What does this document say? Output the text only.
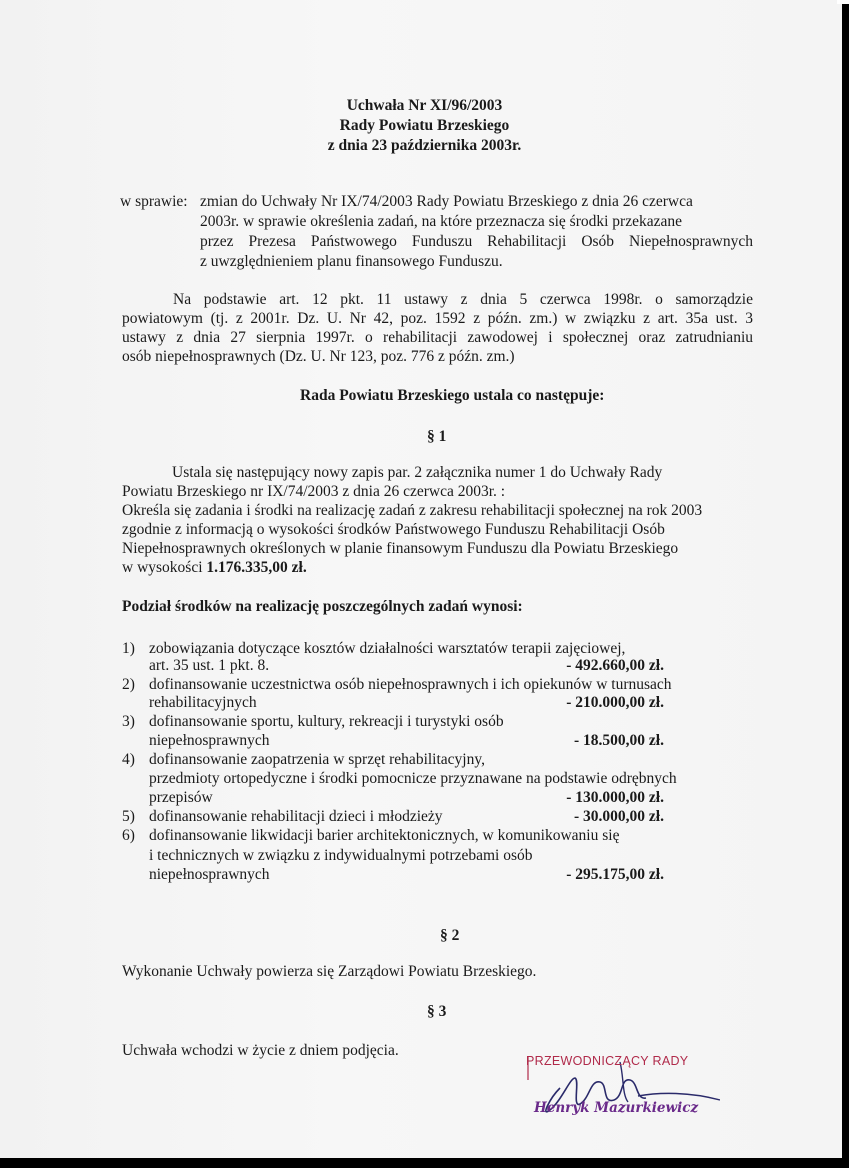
Uchwała Nr XI/96/2003
Rady Powiatu Brzeskiego
z dnia 23 października 2003r.
w sprawie: zmian do Uchwały Nr IX/74/2003 Rady Powiatu Brzeskiego z dnia 26 czerwca
2003r. w sprawie określenia zadań, na które przeznacza się środki przekazane
przez Prezesa Państwowego Funduszu Rehabilitacji Osób Niepełnosprawnych
z uwzględnieniem planu finansowego Funduszu.
Na podstawie art. 12 pkt. 11 ustawy z dnia 5 czerwca 1998r. o samorządzie
powiatowym (tj. z 2001r. Dz. U. Nr 42, poz. 1592 z późn. zm.) w związku z art. 35a ust. 3
ustawy z dnia 27 sierpnia 1997r. o rehabilitacji zawodowej i społecznej oraz zatrudnianiu
osób niepełnosprawnych (Dz. U. Nr 123, poz. 776 z późn. zm.)
Rada Powiatu Brzeskiego ustala co następuje:
§ 1
Ustala się następujący nowy zapis par. 2 załącznika numer 1 do Uchwały Rady
Powiatu Brzeskiego nr IX/74/2003 z dnia 26 czerwca 2003r. :
Określa się zadania i środki na realizację zadań z zakresu rehabilitacji społecznej na rok 2003
zgodnie z informacją o wysokości środków Państwowego Funduszu Rehabilitacji Osób
Niepełnosprawnych określonych w planie finansowym Funduszu dla Powiatu Brzeskiego
w wysokości 1.176.335,00 zł.
Podział środków na realizację poszczególnych zadań wynosi:
1) zobowiązania dotyczące kosztów działalności warsztatów terapii zajęciowej,
art. 35 ust. 1 pkt. 8.	- 492.660,00 zł.
2) dofinansowanie uczestnictwa osób niepełnosprawnych i ich opiekunów w turnusach
rehabilitacyjnych	- 210.000,00 zł.
3) dofinansowanie sportu, kultury, rekreacji i turystyki osób
niepełnosprawnych	- 18.500,00 zł.
4) dofinansowanie zaopatrzenia w sprzęt rehabilitacyjny,
przedmioty ortopedyczne i środki pomocnicze przyznawane na podstawie odrębnych
przepisów	- 130.000,00 zł.
5) dofinansowanie rehabilitacji dzieci i młodzieży	- 30.000,00 zł.
6) dofinansowanie likwidacji barier architektonicznych, w komunikowaniu się
i technicznych w związku z indywidualnymi potrzebami osób
niepełnosprawnych	- 295.175,00 zł.
§ 2
Wykonanie Uchwały powierza się Zarządowi Powiatu Brzeskiego.
§ 3
Uchwała wchodzi w życie z dniem podjęcia.
PRZEWODNICZĄCY RADY
Henryk Mazurkiewicz
